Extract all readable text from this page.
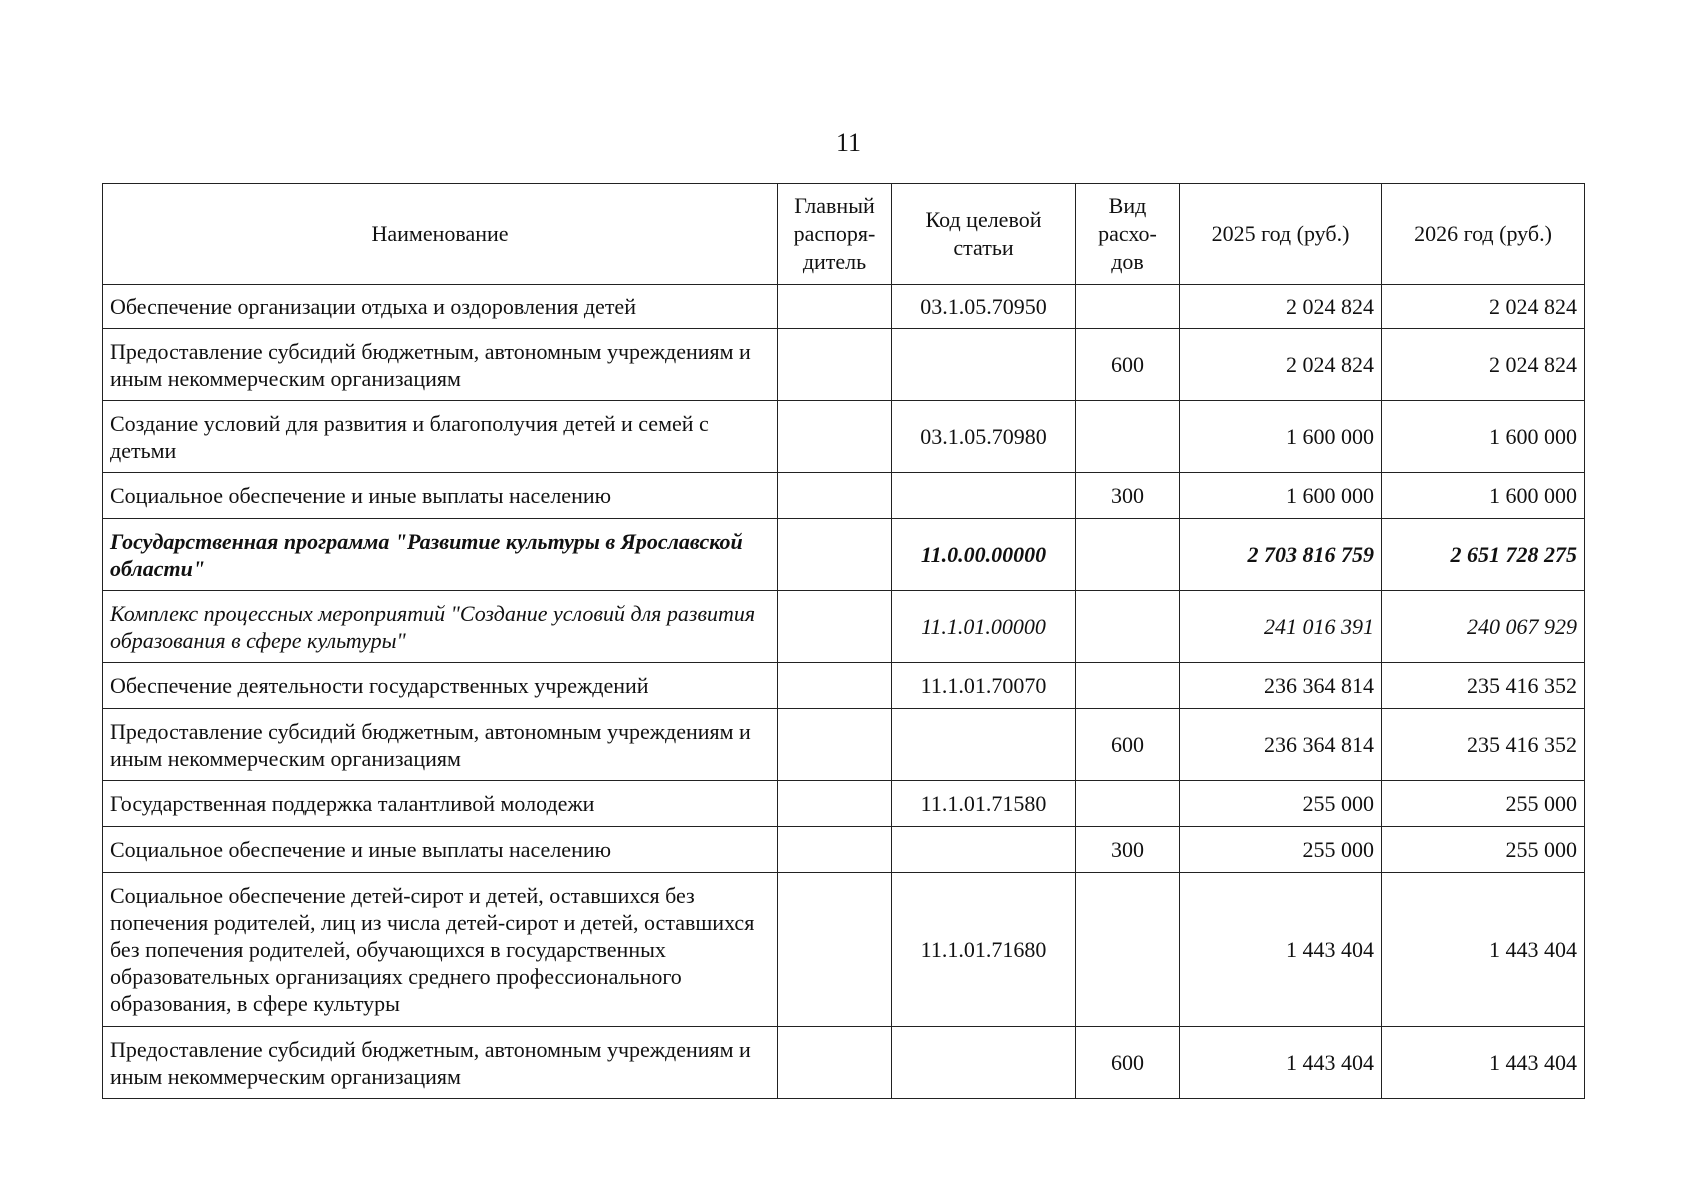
11
Наименование	Главный распоря-дитель	Код целевой статьи	Вид расхо-дов	2025 год (руб.)	2026 год (руб.)
Обеспечение организации отдыха и оздоровления детей		03.1.05.70950		2 024 824	2 024 824
Предоставление субсидий бюджетным, автономным учреждениям и иным некоммерческим организациям			600	2 024 824	2 024 824
Создание условий для развития и благополучия детей и семей с детьми		03.1.05.70980		1 600 000	1 600 000
Социальное обеспечение и иные выплаты населению			300	1 600 000	1 600 000
Государственная программа "Развитие культуры в Ярославской области"		11.0.00.00000		2 703 816 759	2 651 728 275
Комплекс процессных мероприятий "Создание условий для развития образования в сфере культуры"		11.1.01.00000		241 016 391	240 067 929
Обеспечение деятельности государственных учреждений		11.1.01.70070		236 364 814	235 416 352
Предоставление субсидий бюджетным, автономным учреждениям и иным некоммерческим организациям			600	236 364 814	235 416 352
Государственная поддержка талантливой молодежи		11.1.01.71580		255 000	255 000
Социальное обеспечение и иные выплаты населению			300	255 000	255 000
Социальное обеспечение детей-сирот и детей, оставшихся без попечения родителей, лиц из числа детей-сирот и детей, оставшихся без попечения родителей, обучающихся в государственных образовательных организациях среднего профессионального образования, в сфере культуры		11.1.01.71680		1 443 404	1 443 404
Предоставление субсидий бюджетным, автономным учреждениям и иным некоммерческим организациям			600	1 443 404	1 443 404
